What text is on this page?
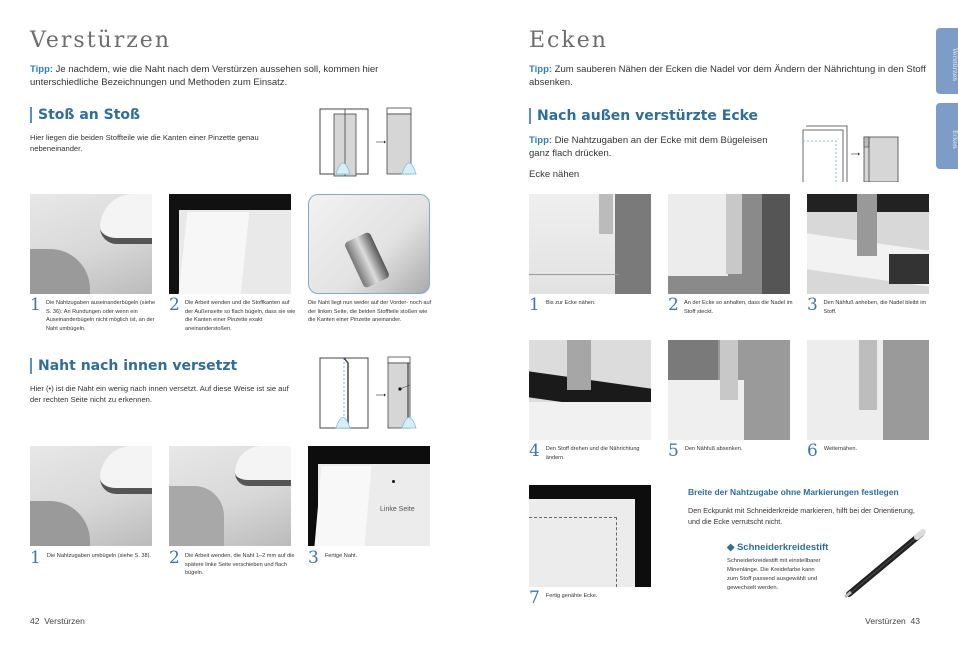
Verstürzen

Tipp: Je nachdem, wie die Naht nach dem Verstürzen aussehen soll, kommen hier unterschiedliche Bezeichnungen und Methoden zum Einsatz.

Stoß an Stoß

Hier liegen die beiden Stoffteile wie die Kanten einer Pinzette genau nebeneinander.

1 Die Nahtzugaben auseinanderbügeln (siehe S. 36). An Rundungen oder wenn ein Auseinanderbügeln nicht möglich ist, an der Naht umbügeln.
2 Die Arbeit wenden und die Stoffkanten auf der Außenseite so flach bügeln, dass sie wie die Kanten einer Pinzette exakt aneinanderstoßen.
Die Naht liegt nun weder auf der Vorder- noch auf der linken Seite, die beiden Stoffteile stoßen wie die Kanten einer Pinzette aneinander.
Naht nach innen versetzt

Hier (•) ist die Naht ein wenig nach innen versetzt. Auf diese Weise ist sie auf der rechten Seite nicht zu erkennen.

Linke Seite
1 Die Nahtzugaben umbügeln (siehe S. 38). 2 Die Arbeit wenden, die Naht 1–2 mm auf die spätere linke Seite verschieben und flach bügeln.
3 Fertige Naht.
42 Verstürzen
Ecken

Tipp: Zum sauberen Nähen der Ecken die Nadel vor dem Ändern der Nährichtung in den Stoff absenken.

Nach außen verstürzte Ecke

Tipp: Die Nahtzugaben an der Ecke mit dem Bügeleisen ganz flach drücken.

Ecke nähen

1 Bis zur Ecke nähen.	2 An der Ecke so anhalten, dass die Nadel im Stoff steckt.	3 Den Nähfuß anheben, die Nadel bleibt im Stoff.
4 Den Stoff drehen und die Nährichtung ändern.	5 Den Nähfuß absenken.	6 Weiternähen.
7 Fertig genähte Ecke.
Breite der Nahtzugabe ohne Markierungen festlegen

Den Eckpunkt mit Schneiderkreide markieren, hilft bei der Orientierung, und die Ecke verrutscht nicht.

◆ Schneiderkreidestift

Schneiderkreidestift mit einstellbarer Minenlänge. Die Kreidefarbe kann zum Stoff passend ausgewählt und gewechselt werden.

Verstürzen 43
Verstürzen
Ecken
